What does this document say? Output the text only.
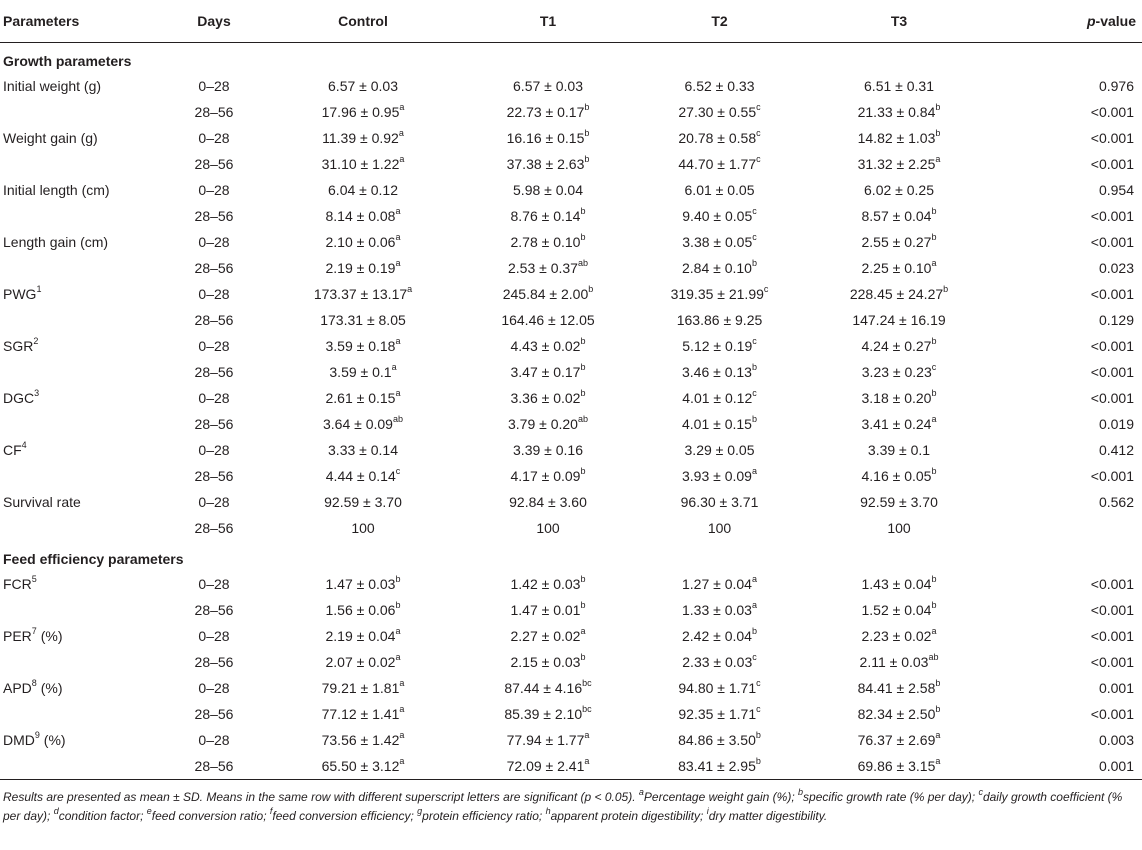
Parameters	Days	Control	T1	T2	T3	p-value
Growth parameters						
Initial weight (g)	0–28	6.57 ± 0.03	6.57 ± 0.03	6.52 ± 0.33	6.51 ± 0.31	0.976
	28–56	17.96 ± 0.95$^a$	22.73 ± 0.17$^b$	27.30 ± 0.55$^c$	21.33 ± 0.84$^b$	<0.001
Weight gain (g)	0–28	11.39 ± 0.92$^a$	16.16 ± 0.15$^b$	20.78 ± 0.58$^c$	14.82 ± 1.03$^b$	<0.001
	28–56	31.10 ± 1.22$^a$	37.38 ± 2.63$^b$	44.70 ± 1.77$^c$	31.32 ± 2.25$^a$	<0.001
Initial length (cm)	0–28	6.04 ± 0.12	5.98 ± 0.04	6.01 ± 0.05	6.02 ± 0.25	0.954
	28–56	8.14 ± 0.08$^a$	8.76 ± 0.14$^b$	9.40 ± 0.05$^c$	8.57 ± 0.04$^b$	<0.001
Length gain (cm)	0–28	2.10 ± 0.06$^a$	2.78 ± 0.10$^b$	3.38 ± 0.05$^c$	2.55 ± 0.27$^b$	<0.001
	28–56	2.19 ± 0.19$^a$	2.53 ± 0.37$^{ab}$	2.84 ± 0.10$^b$	2.25 ± 0.10$^a$	0.023
PWG$^1$	0–28	173.37 ± 13.17$^a$	245.84 ± 2.00$^b$	319.35 ± 21.99$^c$	228.45 ± 24.27$^b$	<0.001
	28–56	173.31 ± 8.05	164.46 ± 12.05	163.86 ± 9.25	147.24 ± 16.19	0.129
SGR$^2$	0–28	3.59 ± 0.18$^a$	4.43 ± 0.02$^b$	5.12 ± 0.19$^c$	4.24 ± 0.27$^b$	<0.001
	28–56	3.59 ± 0.1$^a$	3.47 ± 0.17$^b$	3.46 ± 0.13$^b$	3.23 ± 0.23$^c$	<0.001
DGC$^3$	0–28	2.61 ± 0.15$^a$	3.36 ± 0.02$^b$	4.01 ± 0.12$^c$	3.18 ± 0.20$^b$	<0.001
	28–56	3.64 ± 0.09$^{ab}$	3.79 ± 0.20$^{ab}$	4.01 ± 0.15$^b$	3.41 ± 0.24$^a$	0.019
$CF^4$	0–28	3.33 ± 0.14	3.39 ± 0.16	3.29 ± 0.05	3.39 ± 0.1	0.412
	28–56	4.44 ± 0.14$^c$	4.17 ± 0.09$^b$	3.93 ± 0.09$^a$	4.16 ± 0.05$^b$	<0.001
Survival rate	0–28	92.59 ± 3.70	92.84 ± 3.60	96.30 ± 3.71	92.59 ± 3.70	0.562
	28–56	100	100	100	100	
Feed efficiency parameters						
FCR$^5$	0–28	1.47 ± 0.03$^b$	1.42 ± 0.03$^b$	1.27 ± 0.04$^a$	1.43 ± 0.04$^b$	<0.001
	28–56	1.56 ± 0.06$^b$	1.47 ± 0.01$^b$	1.33 ± 0.03$^a$	1.52 ± 0.04$^b$	<0.001
PER$^7$ (%)	0–28	2.19 ± 0.04$^a$	2.27 ± 0.02$^a$	2.42 ± 0.04$^b$	2.23 ± 0.02$^a$	<0.001
	28–56	2.07 ± 0.02$^a$	2.15 ± 0.03$^b$	2.33 ± 0.03$^c$	2.11 ± 0.03$^{ab}$	<0.001
APD$^8$ (%)	0–28	79.21 ± 1.81$^a$	87.44 ± 4.16$^{bc}$	94.80 ± 1.71$^c$	84.41 ± 2.58$^b$	0.001
	28–56	77.12 ± 1.41$^a$	85.39 ± 2.10$^{bc}$	92.35 ± 1.71$^c$	82.34 ± 2.50$^b$	<0.001
DMD$^9$ (%)	0–28	73.56 ± 1.42$^a$	77.94 ± 1.77$^a$	84.86 ± 3.50$^b$	76.37 ± 2.69$^a$	0.003
	28–56	65.50 ± 3.12$^a$	72.09 ± 2.41$^a$	83.41 ± 2.95$^b$	69.86 ± 3.15$^a$	0.001
Results are presented as mean ± SD. Means in the same row with different superscript letters are significant (p < 0.05). $^a$Percentage weight gain (%); $^b$specific growth rate (% per day); $^c$daily growth coefficient (% per day); $^d$condition factor; $^e$feed conversion ratio; $^f$feed conversion efficiency; $^g$protein efficiency ratio; $^h$apparent protein digestibility; $^i$dry matter digestibility.
